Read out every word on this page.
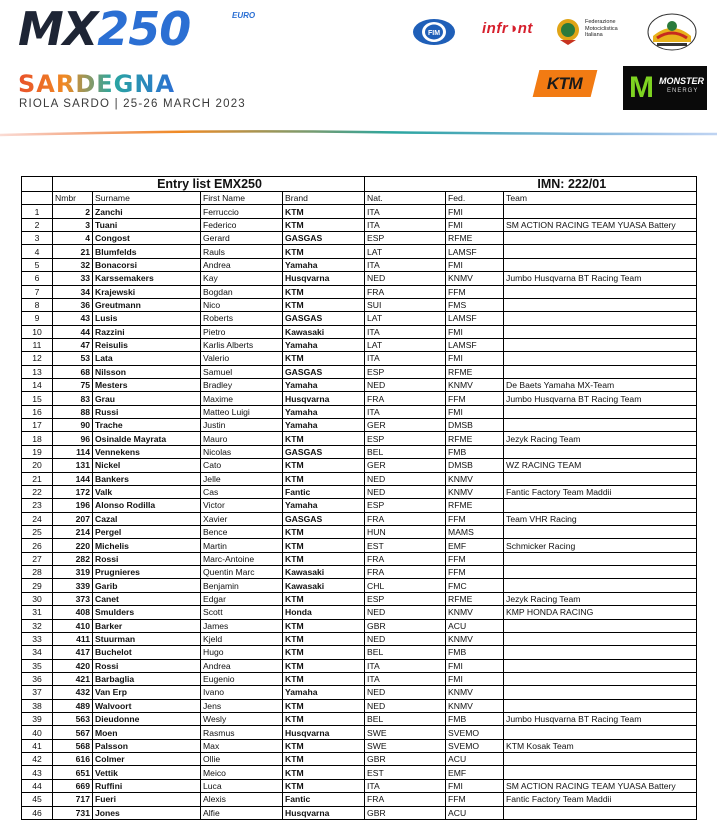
MX250	EURO
SARDEGNA
RIOLA SARDO | 25-26 MARCH 2023
FIM	infr◑nt	Federazione
Motociclistica
Italiana
KTM M MONSTER
ENERGY
	Entry list EMX250					IMN: 222/01	
	Nmbr	Surname	First Name	Brand	Nat.	Fed.	Team
1	2	Zanchi	Ferruccio	KTM	ITA	FMI	
2	3	Tuani	Federico	KTM	ITA	FMI	SM ACTION RACING TEAM YUASA Battery
3	4	Congost	Gerard	GASGAS	ESP	RFME	
4	21	Blumfelds	Rauls	KTM	LAT	LAMSF	
5	32	Bonacorsi	Andrea	Yamaha	ITA	FMI	
6	33	Karssemakers	Kay	Husqvarna	NED	KNMV	Jumbo Husqvarna BT Racing Team
7	34	Krajewski	Bogdan	KTM	FRA	FFM	
8	36	Greutmann	Nico	KTM	SUI	FMS	
9	43	Lusis	Roberts	GASGAS	LAT	LAMSF	
10	44	Razzini	Pietro	Kawasaki	ITA	FMI	
11	47	Reisulis	Karlis Alberts	Yamaha	LAT	LAMSF	
12	53	Lata	Valerio	KTM	ITA	FMI	
13	68	Nilsson	Samuel	GASGAS	ESP	RFME	
14	75	Mesters	Bradley	Yamaha	NED	KNMV	De Baets Yamaha MX-Team
15	83	Grau	Maxime	Husqvarna	FRA	FFM	Jumbo Husqvarna BT Racing Team
16	88	Russi	Matteo Luigi	Yamaha	ITA	FMI	
17	90	Trache	Justin	Yamaha	GER	DMSB	
18	96	Osinalde Mayrata	Mauro	KTM	ESP	RFME	Jezyk Racing Team
19	114	Vennekens	Nicolas	GASGAS	BEL	FMB	
20	131	Nickel	Cato	KTM	GER	DMSB	WZ RACING TEAM
21	144	Bankers	Jelle	KTM	NED	KNMV	
22	172	Valk	Cas	Fantic	NED	KNMV	Fantic Factory Team Maddii
23	196	Alonso Rodilla	Victor	Yamaha	ESP	RFME	
24	207	Cazal	Xavier	GASGAS	FRA	FFM	Team VHR Racing
25	214	Pergel	Bence	KTM	HUN	MAMS	
26	220	Michelis	Martin	KTM	EST	EMF	Schmicker Racing
27	282	Rossi	Marc-Antoine	KTM	FRA	FFM	
28	319	Prugnieres	Quentin Marc	Kawasaki	FRA	FFM	
29	339	Garib	Benjamin	Kawasaki	CHL	FMC	
30	373	Canet	Edgar	KTM	ESP	RFME	Jezyk Racing Team
31	408	Smulders	Scott	Honda	NED	KNMV	KMP HONDA RACING
32	410	Barker	James	KTM	GBR	ACU	
33	411	Stuurman	Kjeld	KTM	NED	KNMV	
34	417	Buchelot	Hugo	KTM	BEL	FMB	
35	420	Rossi	Andrea	KTM	ITA	FMI	
36	421	Barbaglia	Eugenio	KTM	ITA	FMI	
37	432	Van Erp	Ivano	Yamaha	NED	KNMV	
38	489	Walvoort	Jens	KTM	NED	KNMV	
39	563	Dieudonne	Wesly	KTM	BEL	FMB	Jumbo Husqvarna BT Racing Team
40	567	Moen	Rasmus	Husqvarna	SWE	SVEMO	
41	568	Palsson	Max	KTM	SWE	SVEMO	KTM Kosak Team
42	616	Colmer	Ollie	KTM	GBR	ACU	
43	651	Vettik	Meico	KTM	EST	EMF	
44	669	Ruffini	Luca	KTM	ITA	FMI	SM ACTION RACING TEAM YUASA Battery
45	717	Fueri	Alexis	Fantic	FRA	FFM	Fantic Factory Team Maddii
46	731	Jones	Alfie	Husqvarna	GBR	ACU	
